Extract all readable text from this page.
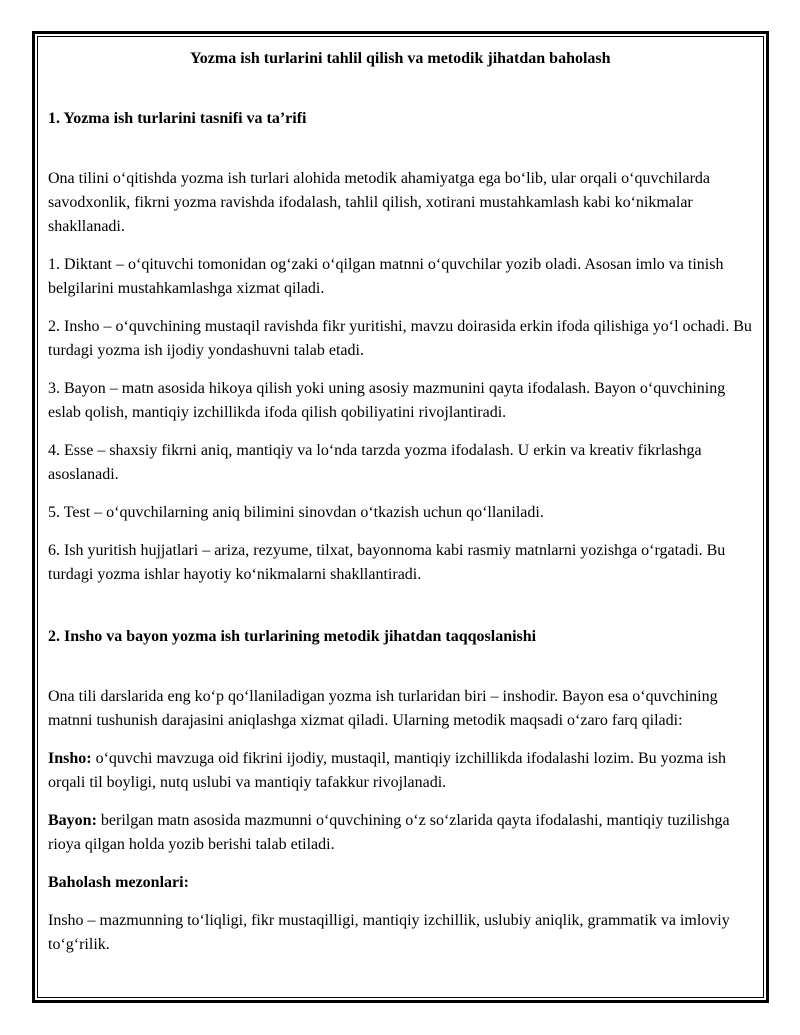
Yozma ish turlarini tahlil qilish va metodik jihatdan baholash
1. Yozma ish turlarini tasnifi va ta’rifi

Ona tilini o‘qitishda yozma ish turlari alohida metodik ahamiyatga ega bo‘lib, ular orqali o‘quvchilarda savodxonlik, fikrni yozma ravishda ifodalash, tahlil qilish, xotirani mustahkamlash kabi ko‘nikmalar shakllanadi.

1. Diktant – o‘qituvchi tomonidan og‘zaki o‘qilgan matnni o‘quvchilar yozib oladi. Asosan imlo va tinish belgilarini mustahkamlashga xizmat qiladi.

2. Insho – o‘quvchining mustaqil ravishda fikr yuritishi, mavzu doirasida erkin ifoda qilishiga yo‘l ochadi. Bu turdagi yozma ish ijodiy yondashuvni talab etadi.

3. Bayon – matn asosida hikoya qilish yoki uning asosiy mazmunini qayta ifodalash. Bayon o‘quvchining eslab qolish, mantiqiy izchillikda ifoda qilish qobiliyatini rivojlantiradi.

4. Esse – shaxsiy fikrni aniq, mantiqiy va lo‘nda tarzda yozma ifodalash. U erkin va kreativ fikrlashga asoslanadi.

5. Test – o‘quvchilarning aniq bilimini sinovdan o‘tkazish uchun qo‘llaniladi.

6. Ish yuritish hujjatlari – ariza, rezyume, tilxat, bayonnoma kabi rasmiy matnlarni yozishga o‘rgatadi. Bu turdagi yozma ishlar hayotiy ko‘nikmalarni shakllantiradi.

2. Insho va bayon yozma ish turlarining metodik jihatdan taqqoslanishi

Ona tili darslarida eng ko‘p qo‘llaniladigan yozma ish turlaridan biri – inshodir. Bayon esa o‘quvchining matnni tushunish darajasini aniqlashga xizmat qiladi. Ularning metodik maqsadi o‘zaro farq qiladi:

Insho: o‘quvchi mavzuga oid fikrini ijodiy, mustaqil, mantiqiy izchillikda ifodalashi lozim. Bu yozma ish orqali til boyligi, nutq uslubi va mantiqiy tafakkur rivojlanadi.

Bayon: berilgan matn asosida mazmunni o‘quvchining o‘z so‘zlarida qayta ifodalashi, mantiqiy tuzilishga rioya qilgan holda yozib berishi talab etiladi.

Baholash mezonlari:

Insho – mazmunning to‘liqligi, fikr mustaqilligi, mantiqiy izchillik, uslubiy aniqlik, grammatik va imloviy to‘g‘rilik.
